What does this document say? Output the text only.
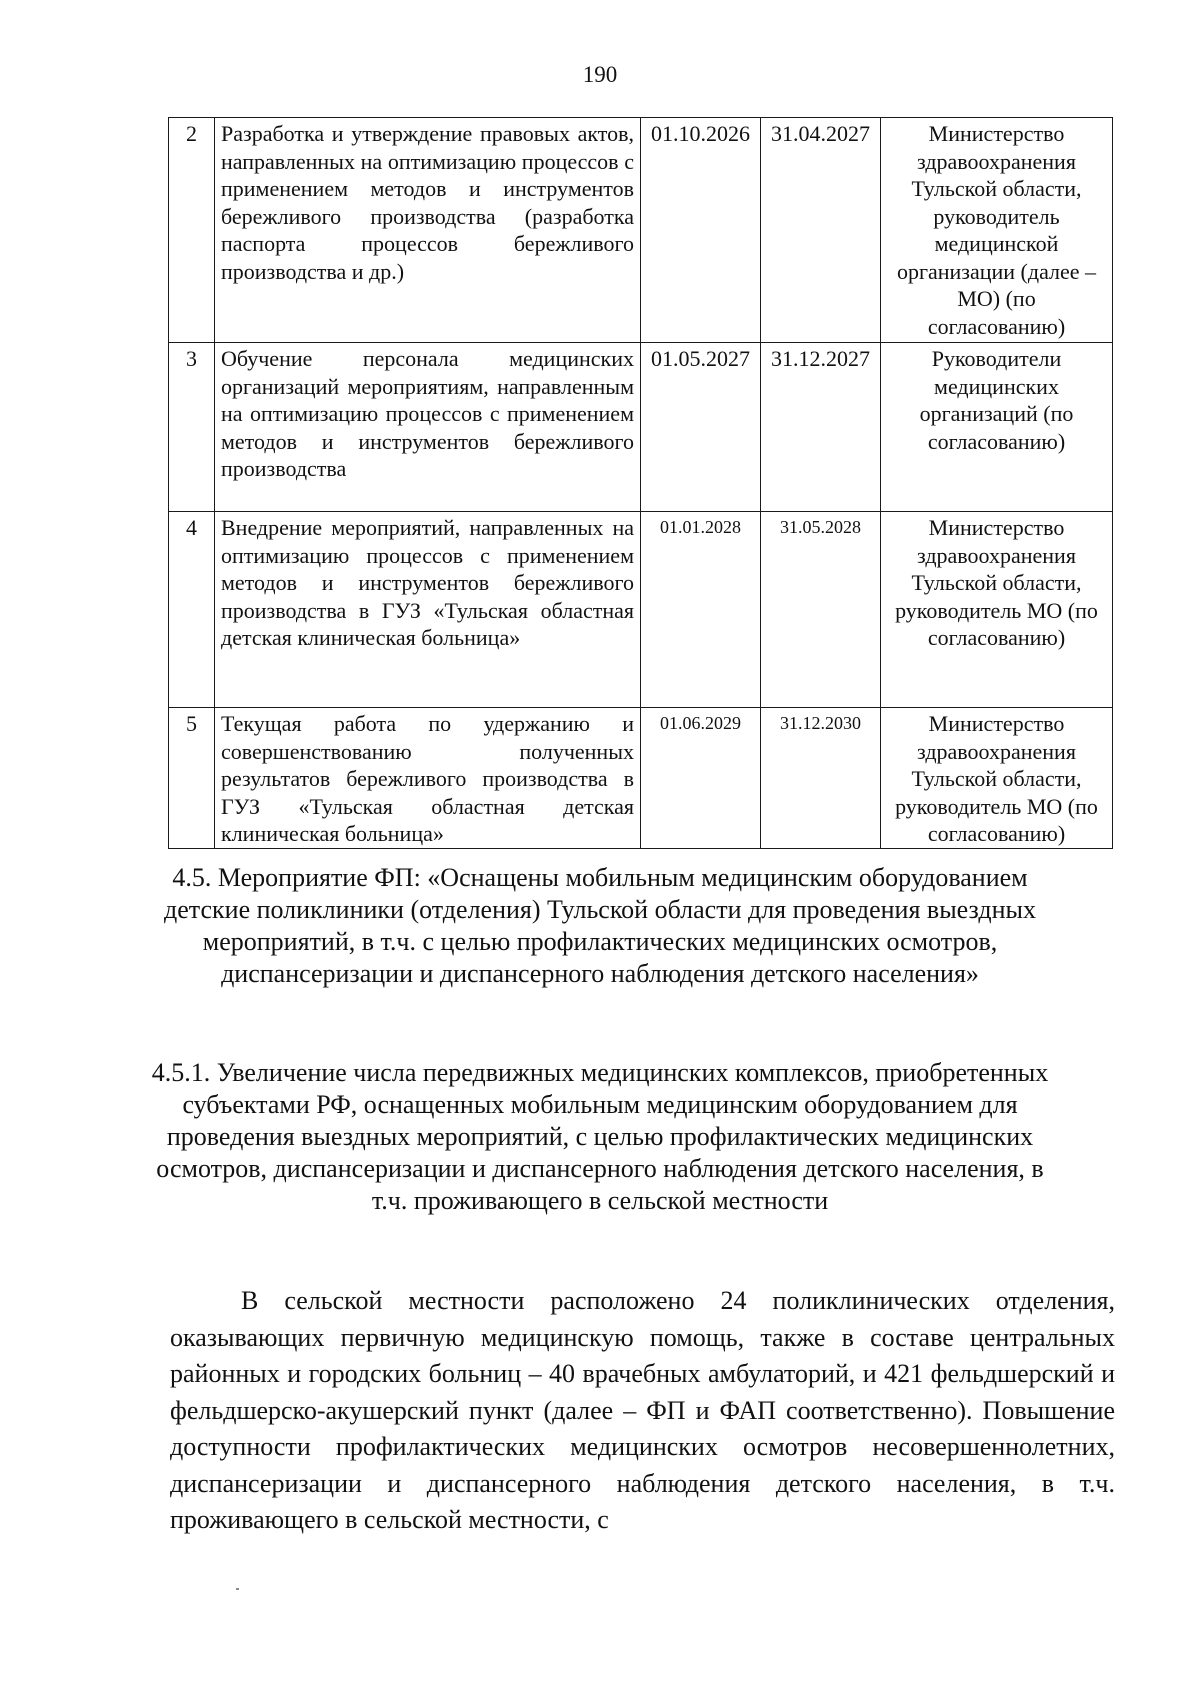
190
2	Разработка и утверждение правовых актов, направленных на оптимизацию процессов с применением методов и инструментов бережливого производства (разработка паспорта процессов бережливого производства и др.)	01.10.2026	31.04.2027	Министерство здравоохранения Тульской области, руководитель медицинской организации (далее – МО) (по согласованию)
3	Обучение персонала медицинских организаций мероприятиям, направленным на оптимизацию процессов с применением методов и инструментов бережливого производства	01.05.2027	31.12.2027	Руководители медицинских организаций (по согласованию)
4	Внедрение мероприятий, направленных на оптимизацию процессов с применением методов и инструментов бережливого производства в ГУЗ «Тульская областная детская клиническая больница»	01.01.2028	31.05.2028	Министерство здравоохранения Тульской области, руководитель МО (по согласованию)
5	Текущая работа по удержанию и совершенствованию полученных результатов бережливого производства в ГУЗ «Тульская областная детская клиническая больница»	01.06.2029	31.12.2030	Министерство здравоохранения Тульской области, руководитель МО (по согласованию)
4.5. Мероприятие ФП: «Оснащены мобильным медицинским оборудованием детские поликлиники (отделения) Тульской области для проведения выездных мероприятий, в т.ч. с целью профилактических медицинских осмотров, диспансеризации и диспансерного наблюдения детского населения»
4.5.1. Увеличение числа передвижных медицинских комплексов, приобретенных субъектами РФ, оснащенных мобильным медицинским оборудованием для проведения выездных мероприятий, с целью профилактических медицинских осмотров, диспансеризации и диспансерного наблюдения детского населения, в т.ч. проживающего в сельской местности

В сельской местности расположено 24 поликлинических отделения, оказывающих первичную медицинскую помощь, также в составе центральных районных и городских больниц – 40 врачебных амбулаторий, и 421 фельдшерский и фельдшерско-акушерский пункт (далее – ФП и ФАП соответственно). Повышение доступности профилактических медицинских осмотров несовершеннолетних, диспансеризации и диспансерного наблюдения детского населения, в т.ч. проживающего в сельской местности, с
